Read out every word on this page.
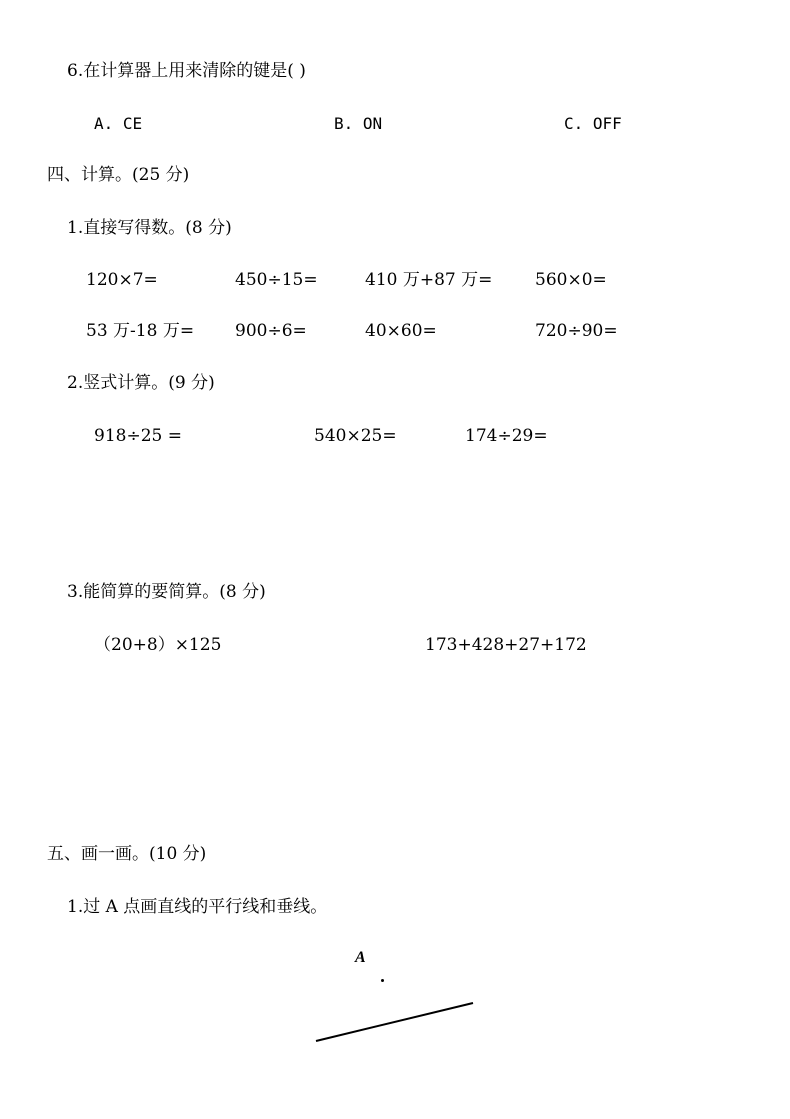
6.在计算器上用来清除的键是( )
A. CE	B. ON	C. OFF
四、计算。(25 分)
1.直接写得数。(8 分)
120×7=	450÷15=	410 万+87 万=	560×0=
53 万-18 万= 900÷6=	40×60=	720÷90=
2.竖式计算。(9 分)
918÷25 =	540×25=	174÷29=
3.能简算的要简算。(8 分)
（20+8）×125	173+428+27+172
五、画一画。(10 分)
1.过 A 点画直线的平行线和垂线。
A
